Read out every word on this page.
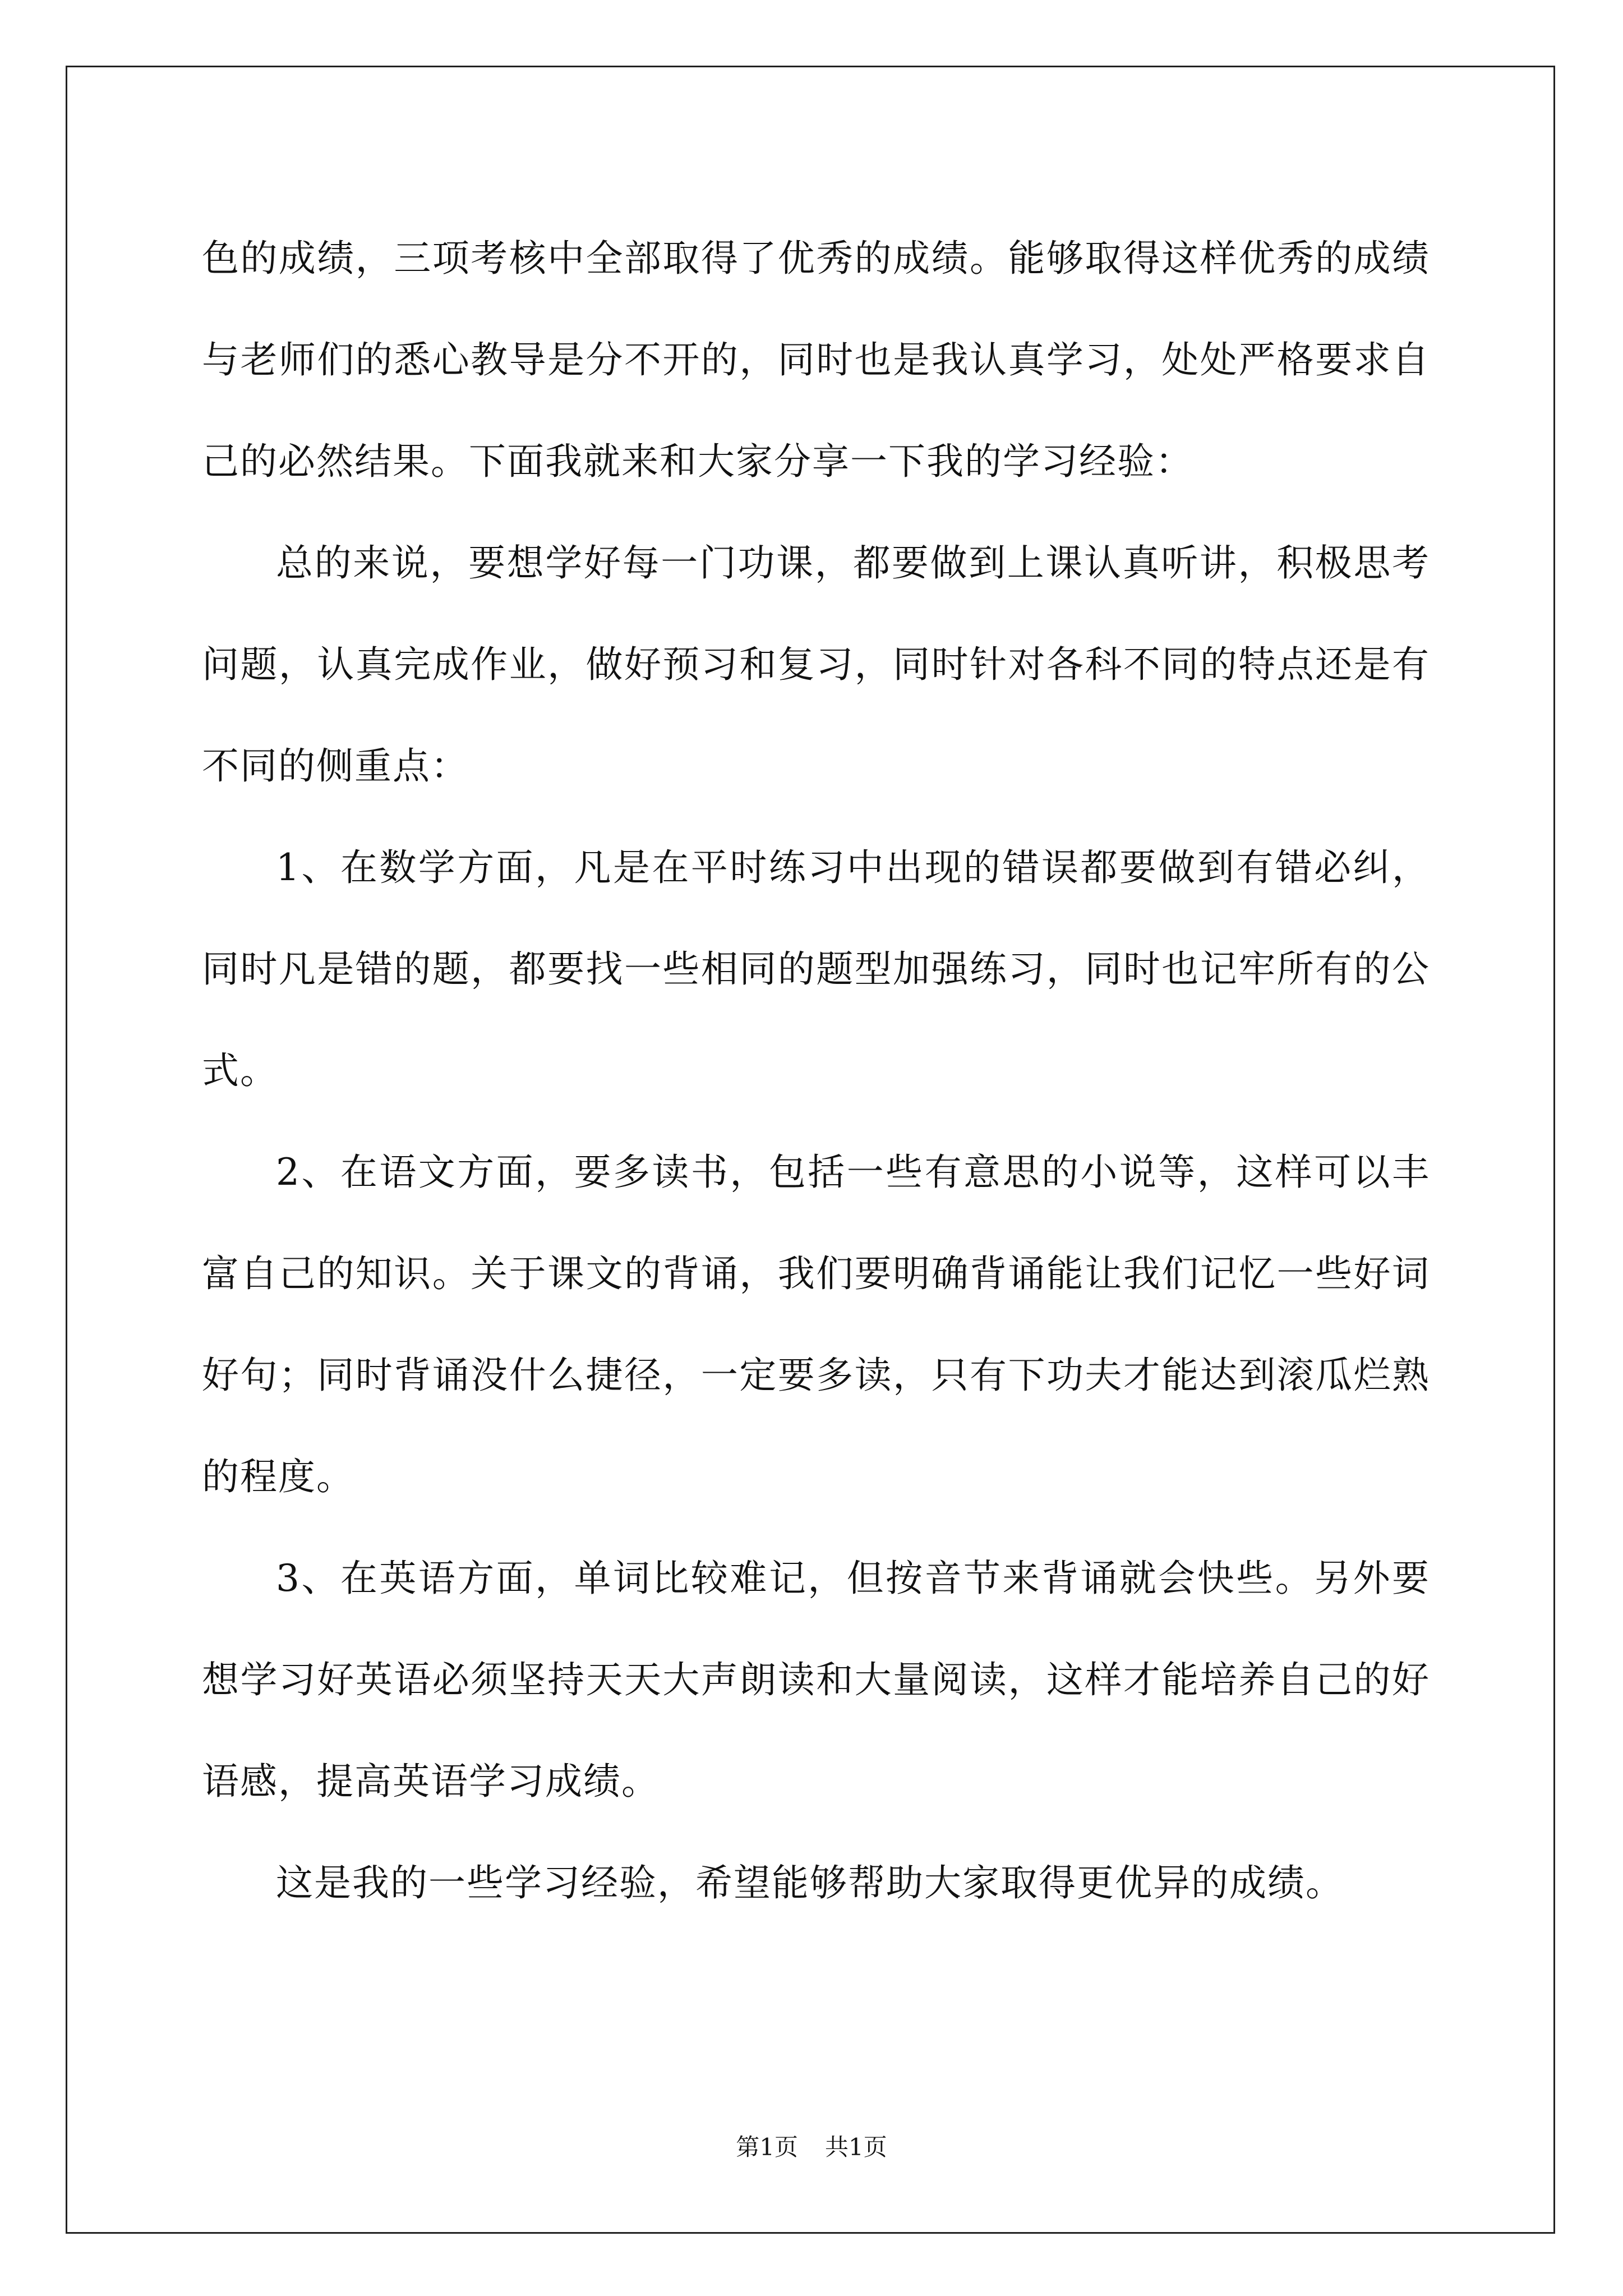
色的成绩，三项考核中全部取得了优秀的成绩。能够取得这样优秀的成绩与老师们的悉心教导是分不开的，同时也是我认真学习，处处严格要求自己的必然结果。下面我就来和大家分享一下我的学习经验：

总的来说，要想学好每一门功课，都要做到上课认真听讲，积极思考问题，认真完成作业，做好预习和复习，同时针对各科不同的特点还是有不同的侧重点：

1、在数学方面，凡是在平时练习中出现的错误都要做到有错必纠，同时凡是错的题，都要找一些相同的题型加强练习，同时也记牢所有的公式。

2、在语文方面，要多读书，包括一些有意思的小说等，这样可以丰富自己的知识。关于课文的背诵，我们要明确背诵能让我们记忆一些好词好句；同时背诵没什么捷径，一定要多读，只有下功夫才能达到滚瓜烂熟的程度。

3、在英语方面，单词比较难记，但按音节来背诵就会快些。另外要想学习好英语必须坚持天天大声朗读和大量阅读，这样才能培养自己的好语感，提高英语学习成绩。

这是我的一些学习经验，希望能够帮助大家取得更优异的成绩。

第1页 共1页
